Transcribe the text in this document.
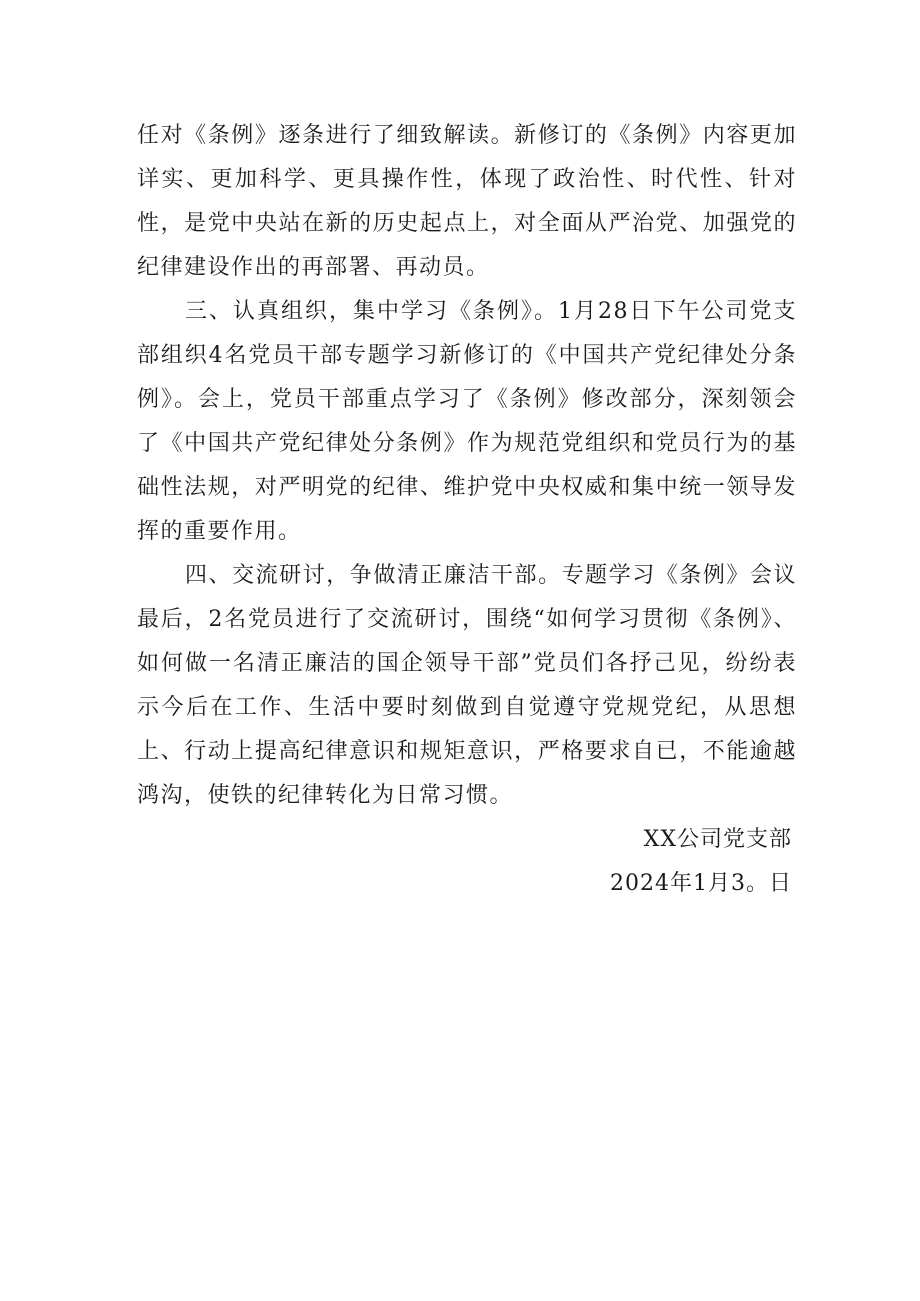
任对《条例》逐条进行了细致解读。新修订的《条例》内容更加详实、更加科学、更具操作性，体现了政治性、时代性、针对性，是党中央站在新的历史起点上，对全面从严治党、加强党的纪律建设作出的再部署、再动员。

三、认真组织，集中学习《条例》。1月28日下午公司党支部组织4名党员干部专题学习新修订的《中国共产党纪律处分条例》。会上，党员干部重点学习了《条例》修改部分，深刻领会了《中国共产党纪律处分条例》作为规范党组织和党员行为的基础性法规，对严明党的纪律、维护党中央权威和集中统一领导发挥的重要作用。

四、交流研讨，争做清正廉洁干部。专题学习《条例》会议最后，2名党员进行了交流研讨，围绕“如何学习贯彻《条例》、如何做一名清正廉洁的国企领导干部”党员们各抒己见，纷纷表示今后在工作、生活中要时刻做到自觉遵守党规党纪，从思想上、行动上提高纪律意识和规矩意识，严格要求自已，不能逾越鸿沟，使铁的纪律转化为日常习惯。

XX公司党支部

2024年1月3。日
